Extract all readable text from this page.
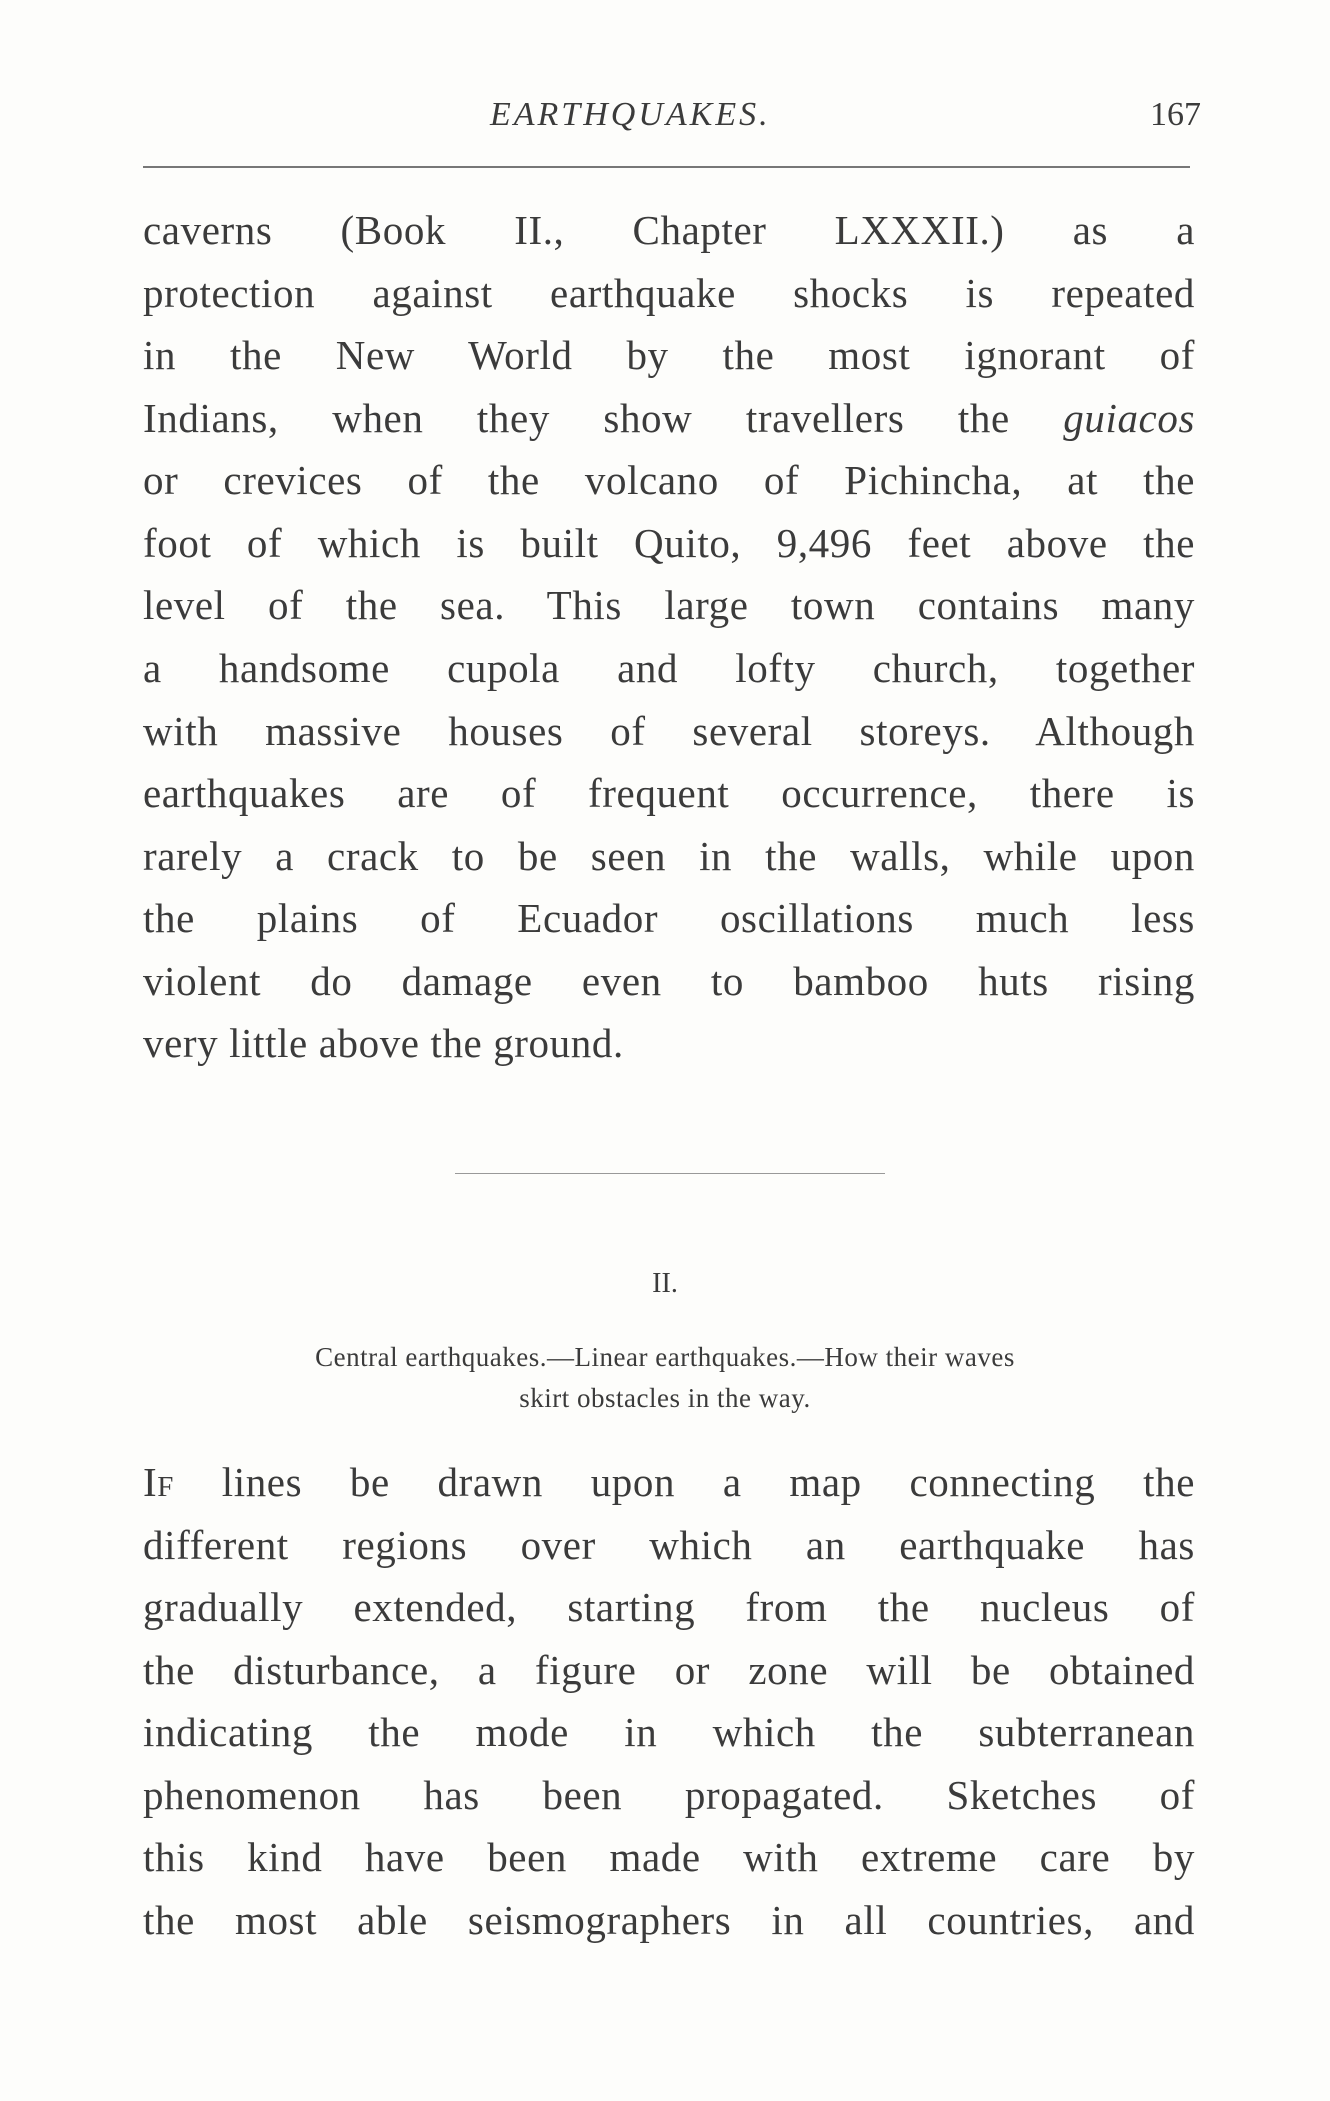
EARTHQUAKES.	167
caverns (Book II., Chapter LXXXII.) as a
protection against earthquake shocks is repeated
in the New World by the most ignorant of
Indians, when they show travellers the guiacos
or crevices of the volcano of Pichincha, at the
foot of which is built Quito, 9,496 feet above the
level of the sea. This large town contains many
a handsome cupola and lofty church, together
with massive houses of several storeys. Although
earthquakes are of frequent occurrence, there is
rarely a crack to be seen in the walls, while upon
the plains of Ecuador oscillations much less
violent do damage even to bamboo huts rising
very little above the ground.
II.
Central earthquakes.—Linear earthquakes.—How their waves
skirt obstacles in the way.
If lines be drawn upon a map connecting the
different regions over which an earthquake has
gradually extended, starting from the nucleus of
the disturbance, a figure or zone will be obtained
indicating the mode in which the subterranean
phenomenon has been propagated. Sketches of
this kind have been made with extreme care by
the most able seismographers in all countries, and
